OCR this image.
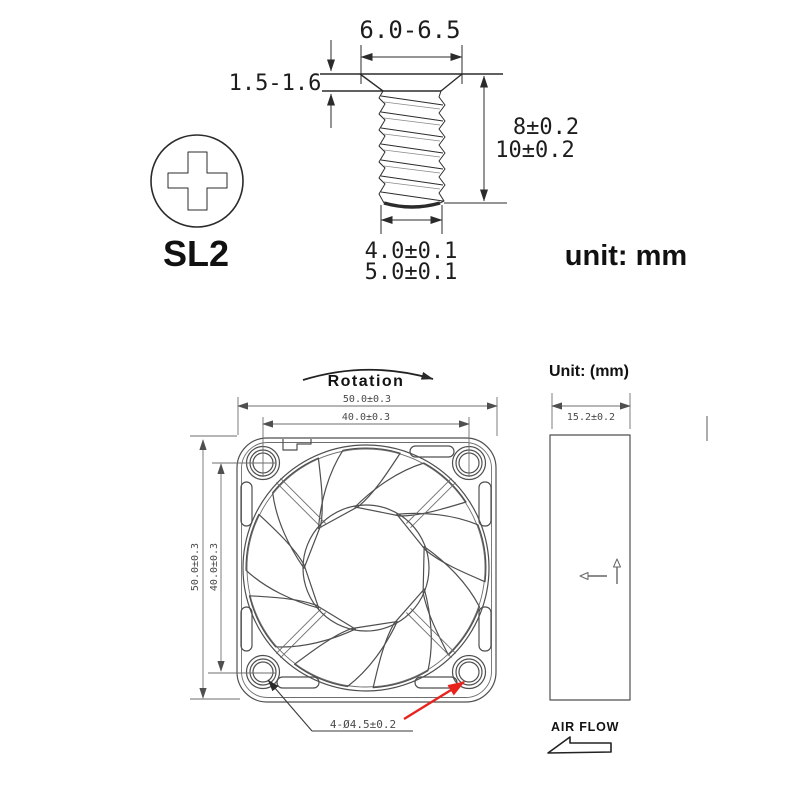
6.0-6.5
1.5-1.6
8±0.2
10±0.2
4.0±0.1
5.0±0.1
SL2	unit: mm
Rotation
50.0±0.3
40.0±0.3
50.0±0.3 40.0±0.3
4-Ø4.5±0.2
Unit: (mm)
15.2±0.2
AIR FLOW
